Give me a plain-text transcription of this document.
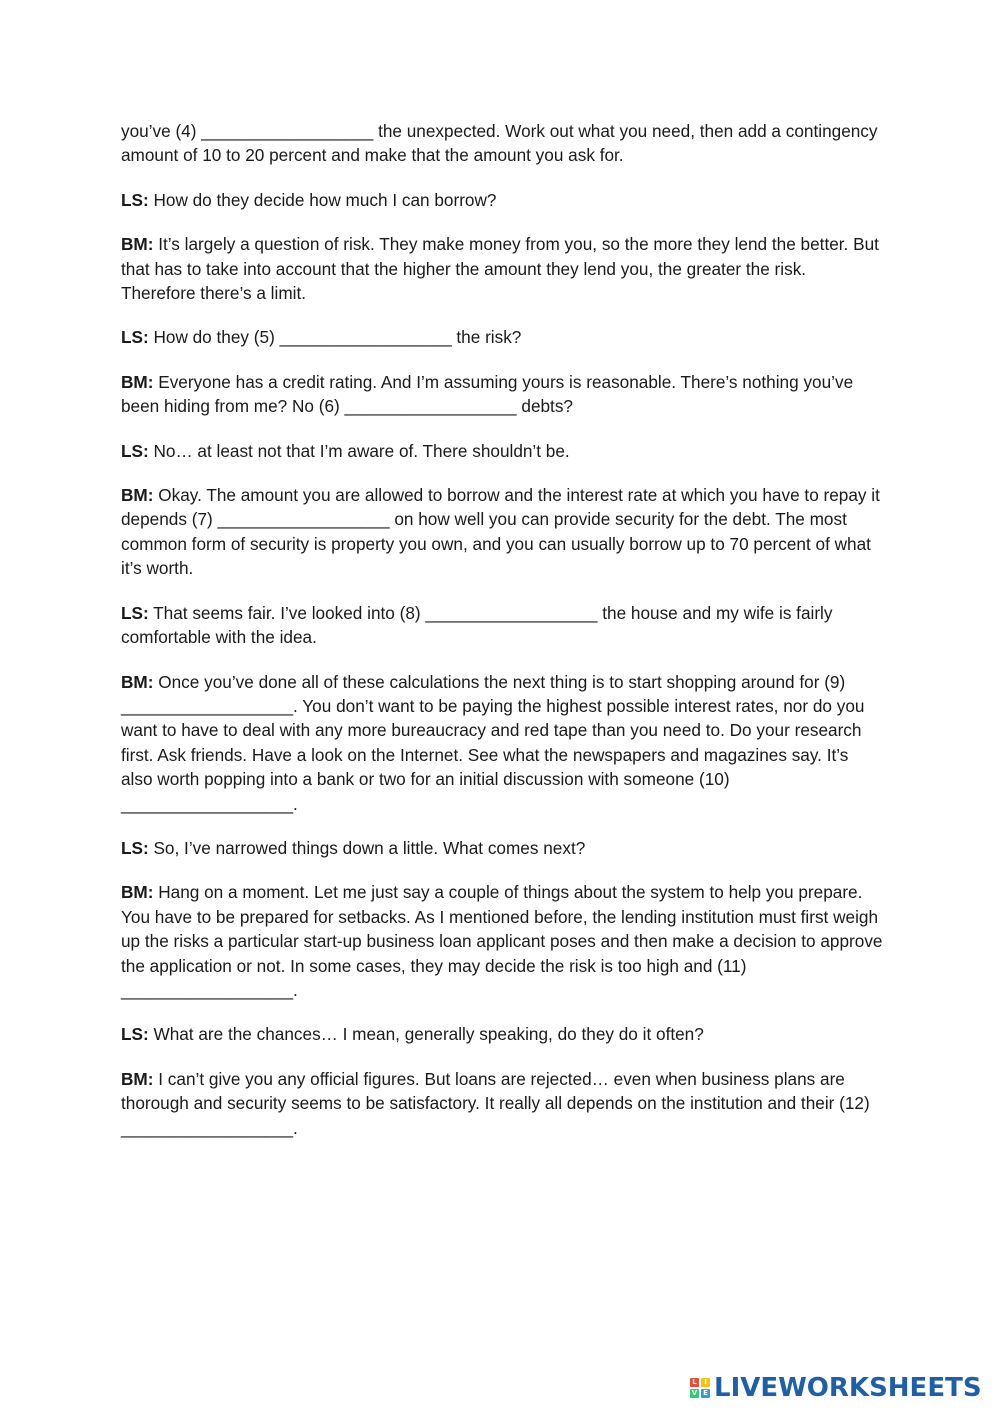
you’ve (4) __________________ the unexpected. Work out what you need, then add a contingency amount of 10 to 20 percent and make that the amount you ask for.

LS: How do they decide how much I can borrow?

BM: It’s largely a question of risk. They make money from you, so the more they lend the better. But that has to take into account that the higher the amount they lend you, the greater the risk. Therefore there’s a limit.

LS: How do they (5) __________________ the risk?

BM: Everyone has a credit rating. And I’m assuming yours is reasonable. There’s nothing you’ve been hiding from me? No (6) __________________ debts?

LS: No… at least not that I’m aware of. There shouldn’t be.

BM: Okay. The amount you are allowed to borrow and the interest rate at which you have to repay it depends (7) __________________ on how well you can provide security for the debt. The most common form of security is property you own, and you can usually borrow up to 70 percent of what it’s worth.

LS: That seems fair. I’ve looked into (8) __________________ the house and my wife is fairly comfortable with the idea.

BM: Once you’ve done all of these calculations the next thing is to start shopping around for (9) __________________. You don’t want to be paying the highest possible interest rates, nor do you want to have to deal with any more bureaucracy and red tape than you need to. Do your research first. Ask friends. Have a look on the Internet. See what the newspapers and magazines say. It’s also worth popping into a bank or two for an initial discussion with someone (10) __________________.

LS: So, I’ve narrowed things down a little. What comes next?

BM: Hang on a moment. Let me just say a couple of things about the system to help you prepare. You have to be prepared for setbacks. As I mentioned before, the lending institution must first weigh up the risks a particular start-up business loan applicant poses and then make a decision to approve the application or not. In some cases, they may decide the risk is too high and (11) __________________.

LS: What are the chances… I mean, generally speaking, do they do it often?

BM: I can’t give you any official figures. But loans are rejected… even when business plans are thorough and security seems to be satisfactory. It really all depends on the institution and their (12) __________________.

L	I
V E LIVEWORKSHEETS
